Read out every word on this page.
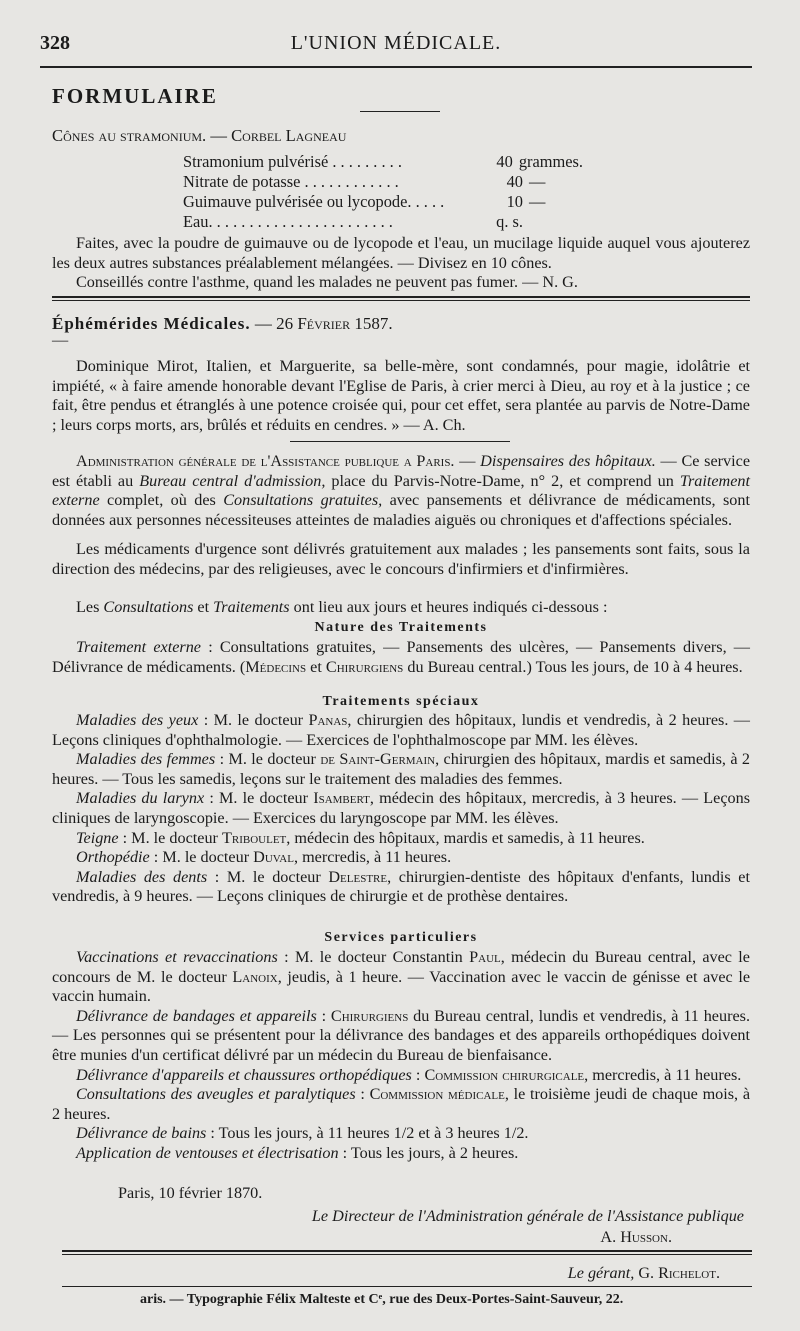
328	L'UNION MÉDICALE.
FORMULAIRE
Cônes au stramonium. — Corbel Lagneau
Stramonium pulvérisé . . . . . . . . .	40 grammes.
Nitrate de potasse . . . . . . . . . . . .	40 —
Guimauve pulvérisée ou lycopode. . . . .	10 —
Eau. . . . . . . . . . . . . . . . . . . . . . .	q. s.
Faites, avec la poudre de guimauve ou de lycopode et l'eau, un mucilage liquide auquel vous ajouterez les deux autres substances préalablement mélangées. — Divisez en 10 cônes.
Conseillés contre l'asthme, quand les malades ne peuvent pas fumer. — N. G.
Éphémérides Médicales. — 26 Février 1587.
—
Dominique Mirot, Italien, et Marguerite, sa belle-mère, sont condamnés, pour magie, idolâtrie et impiété, « à faire amende honorable devant l'Eglise de Paris, à crier merci à Dieu, au roy et à la justice ; ce fait, être pendus et étranglés à une potence croisée qui, pour cet effet, sera plantée au parvis de Notre-Dame ; leurs corps morts, ars, brûlés et réduits en cendres. » — A. Ch.
Administration générale de l'Assistance publique a Paris. — Dispensaires des hôpitaux. — Ce service est établi au Bureau central d'admission, place du Parvis-Notre-Dame, n° 2, et comprend un Traitement externe complet, où des Consultations gratuites, avec pansements et délivrance de médicaments, sont données aux personnes nécessiteuses atteintes de maladies aiguës ou chroniques et d'affections spéciales.
Les médicaments d'urgence sont délivrés gratuitement aux malades ; les pansements sont faits, sous la direction des médecins, par des religieuses, avec le concours d'infirmiers et d'infirmières.
Les Consultations et Traitements ont lieu aux jours et heures indiqués ci-dessous :
Nature des Traitements
Traitement externe : Consultations gratuites, — Pansements des ulcères, — Pansements divers, — Délivrance de médicaments. (Médecins et Chirurgiens du Bureau central.) Tous les jours, de 10 à 4 heures.
Traitements spéciaux
Maladies des yeux : M. le docteur Panas, chirurgien des hôpitaux, lundis et vendredis, à 2 heures. — Leçons cliniques d'ophthalmologie. — Exercices de l'ophthalmoscope par MM. les élèves.
Maladies des femmes : M. le docteur de Saint-Germain, chirurgien des hôpitaux, mardis et samedis, à 2 heures. — Tous les samedis, leçons sur le traitement des maladies des femmes.
Maladies du larynx : M. le docteur Isambert, médecin des hôpitaux, mercredis, à 3 heures. — Leçons cliniques de laryngoscopie. — Exercices du laryngoscope par MM. les élèves.
Teigne : M. le docteur Triboulet, médecin des hôpitaux, mardis et samedis, à 11 heures.
Orthopédie : M. le docteur Duval, mercredis, à 11 heures.
Maladies des dents : M. le docteur Delestre, chirurgien-dentiste des hôpitaux d'enfants, lundis et vendredis, à 9 heures. — Leçons cliniques de chirurgie et de prothèse dentaires.
Services particuliers
Vaccinations et revaccinations : M. le docteur Constantin Paul, médecin du Bureau central, avec le concours de M. le docteur Lanoix, jeudis, à 1 heure. — Vaccination avec le vaccin de génisse et avec le vaccin humain.
Délivrance de bandages et appareils : Chirurgiens du Bureau central, lundis et vendredis, à 11 heures. — Les personnes qui se présentent pour la délivrance des bandages et des appareils orthopédiques doivent être munies d'un certificat délivré par un médecin du Bureau de bienfaisance.
Délivrance d'appareils et chaussures orthopédiques : Commission chirurgicale, mercredis, à 11 heures.
Consultations des aveugles et paralytiques : Commission médicale, le troisième jeudi de chaque mois, à 2 heures.
Délivrance de bains : Tous les jours, à 11 heures 1/2 et à 3 heures 1/2.
Application de ventouses et électrisation : Tous les jours, à 2 heures.
Paris, 10 février 1870.
Le Directeur de l'Administration générale de l'Assistance publique
A. Husson.
Le gérant, G. Richelot.
aris. — Typographie Félix Malteste et Cᵉ, rue des Deux-Portes-Saint-Sauveur, 22.
